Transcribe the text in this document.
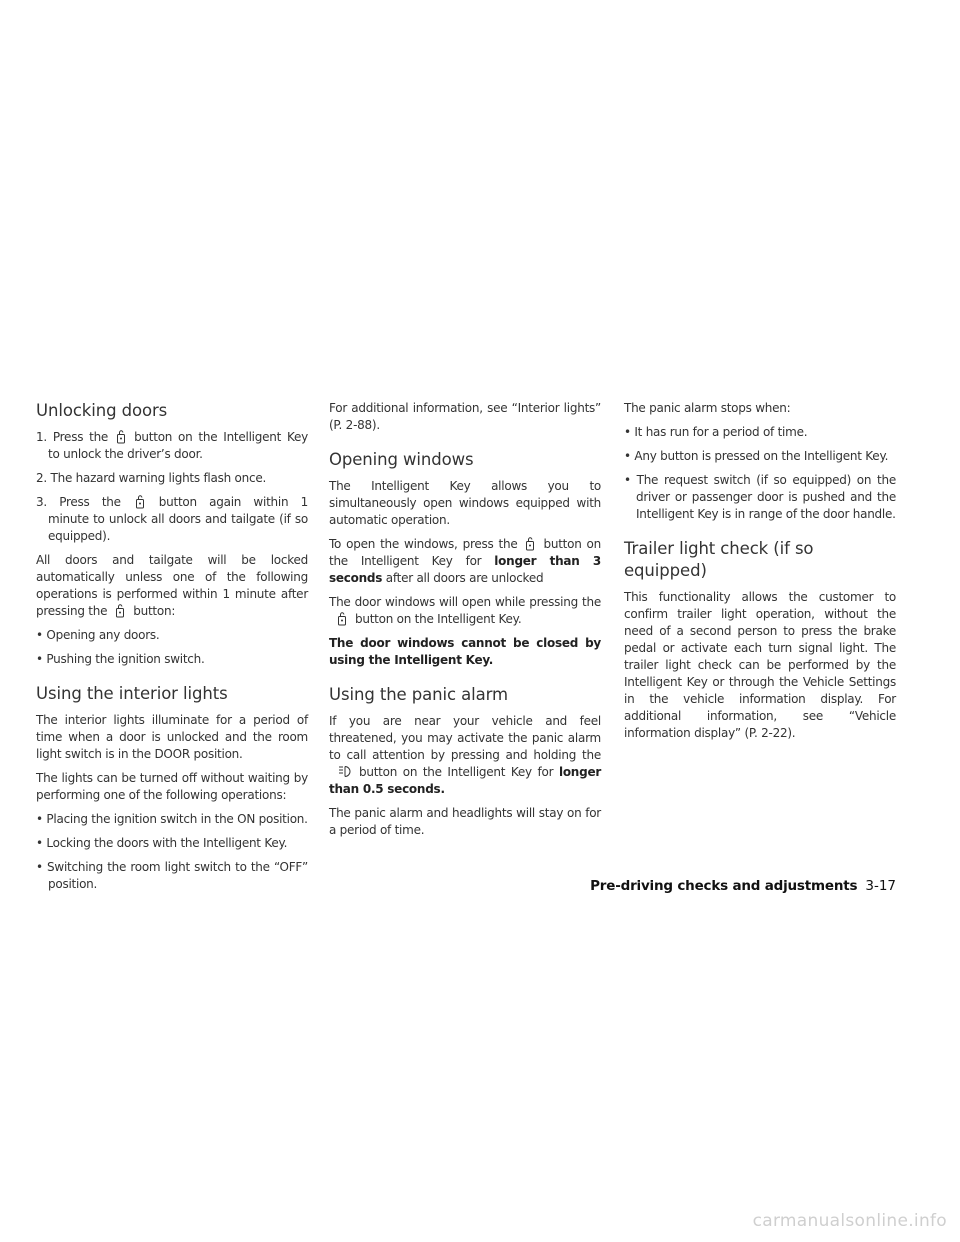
Unlocking doors
1. Press the button on the Intelligent Key to unlock the driver’s door.
2. The hazard warning lights flash once.
3. Press the	button again within 1 minute to unlock all doors and tailgate (if so equipped).

All doors and tailgate will be locked automatically unless one of the following operations is performed within 1 minute after pressing the button:

• Opening any doors.
• Pushing the ignition switch.
Using the interior lights

The interior lights illuminate for a period of time when a door is unlocked and the room light switch is in the DOOR position.

The lights can be turned off without waiting by performing one of the following operations:

• Placing the ignition switch in the ON position.
• Locking the doors with the Intelligent Key.
• Switching the room light switch to the “OFF” position.

For additional information, see “Interior lights” (P. 2-88).

Opening windows

The Intelligent Key allows you to simultaneously open windows equipped with automatic operation.

To open the windows, press the button on the Intelligent Key for longer than 3 seconds after all doors are unlocked

The door windows will open while pressing the
button on the Intelligent Key.

The door windows cannot be closed by using the Intelligent Key.

Using the panic alarm

If you are near your vehicle and feel threatened, you may activate the panic alarm to call attention by pressing and holding the
button on the Intelligent Key for longer than 0.5 seconds.

The panic alarm and headlights will stay on for a period of time.

The panic alarm stops when:

• It has run for a period of time.
• Any button is pressed on the Intelligent Key.
• The request switch (if so equipped) on the driver or passenger door is pushed and the Intelligent Key is in range of the door handle.
Trailer light check (if so equipped)

This functionality allows the customer to confirm trailer light operation, without the need of a second person to press the brake pedal or activate each turn signal light. The trailer light check can be performed by the Intelligent Key or through the Vehicle Settings in the vehicle information display. For additional information, see “Vehicle information display” (P. 2-22).

Pre-driving checks and adjustments 3-17
carmanualsonline.info
